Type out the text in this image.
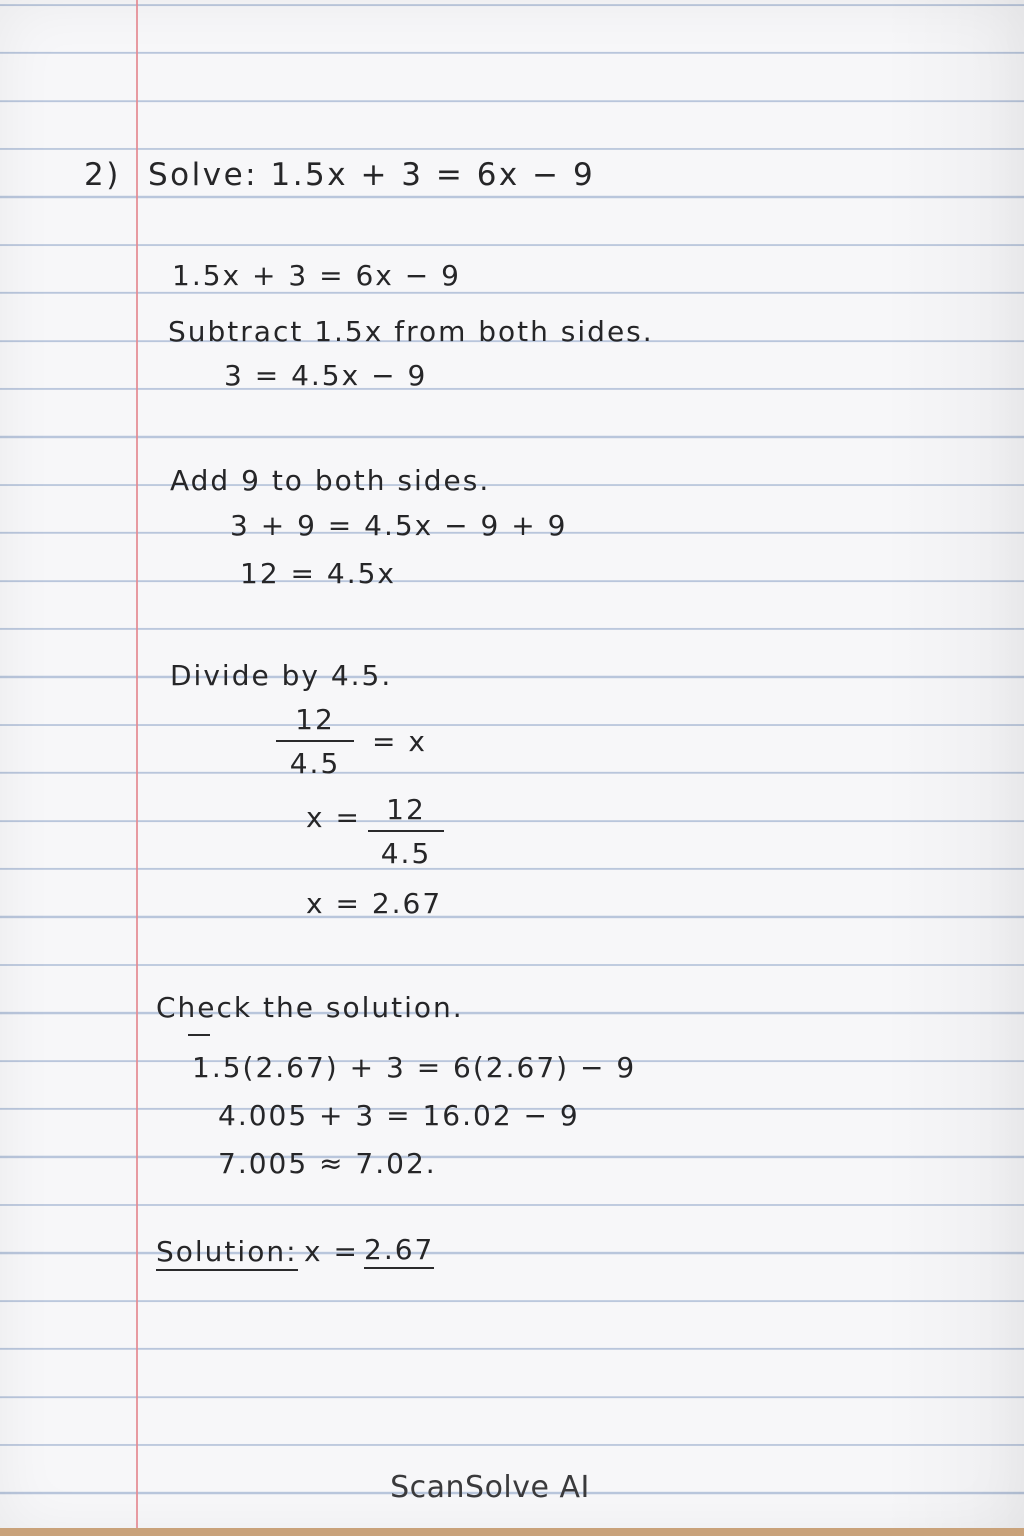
2) Solve: 1.5x + 3 = 6x − 9
1.5x + 3 = 6x − 9
Subtract 1.5x from both sides.
3 = 4.5x − 9
Add 9 to both sides.
3 + 9 = 4.5x − 9 + 9
12 = 4.5x
Divide by 4.5.
12
4.5
= x
x = 12
4.5
x = 2.67
Check the solution.
1.5(2.67) + 3 = 6(2.67) − 9
4.005 + 3 = 16.02 − 9
7.005 ≈ 7.02.
Solution: x = 2.67
ScanSolve AI
